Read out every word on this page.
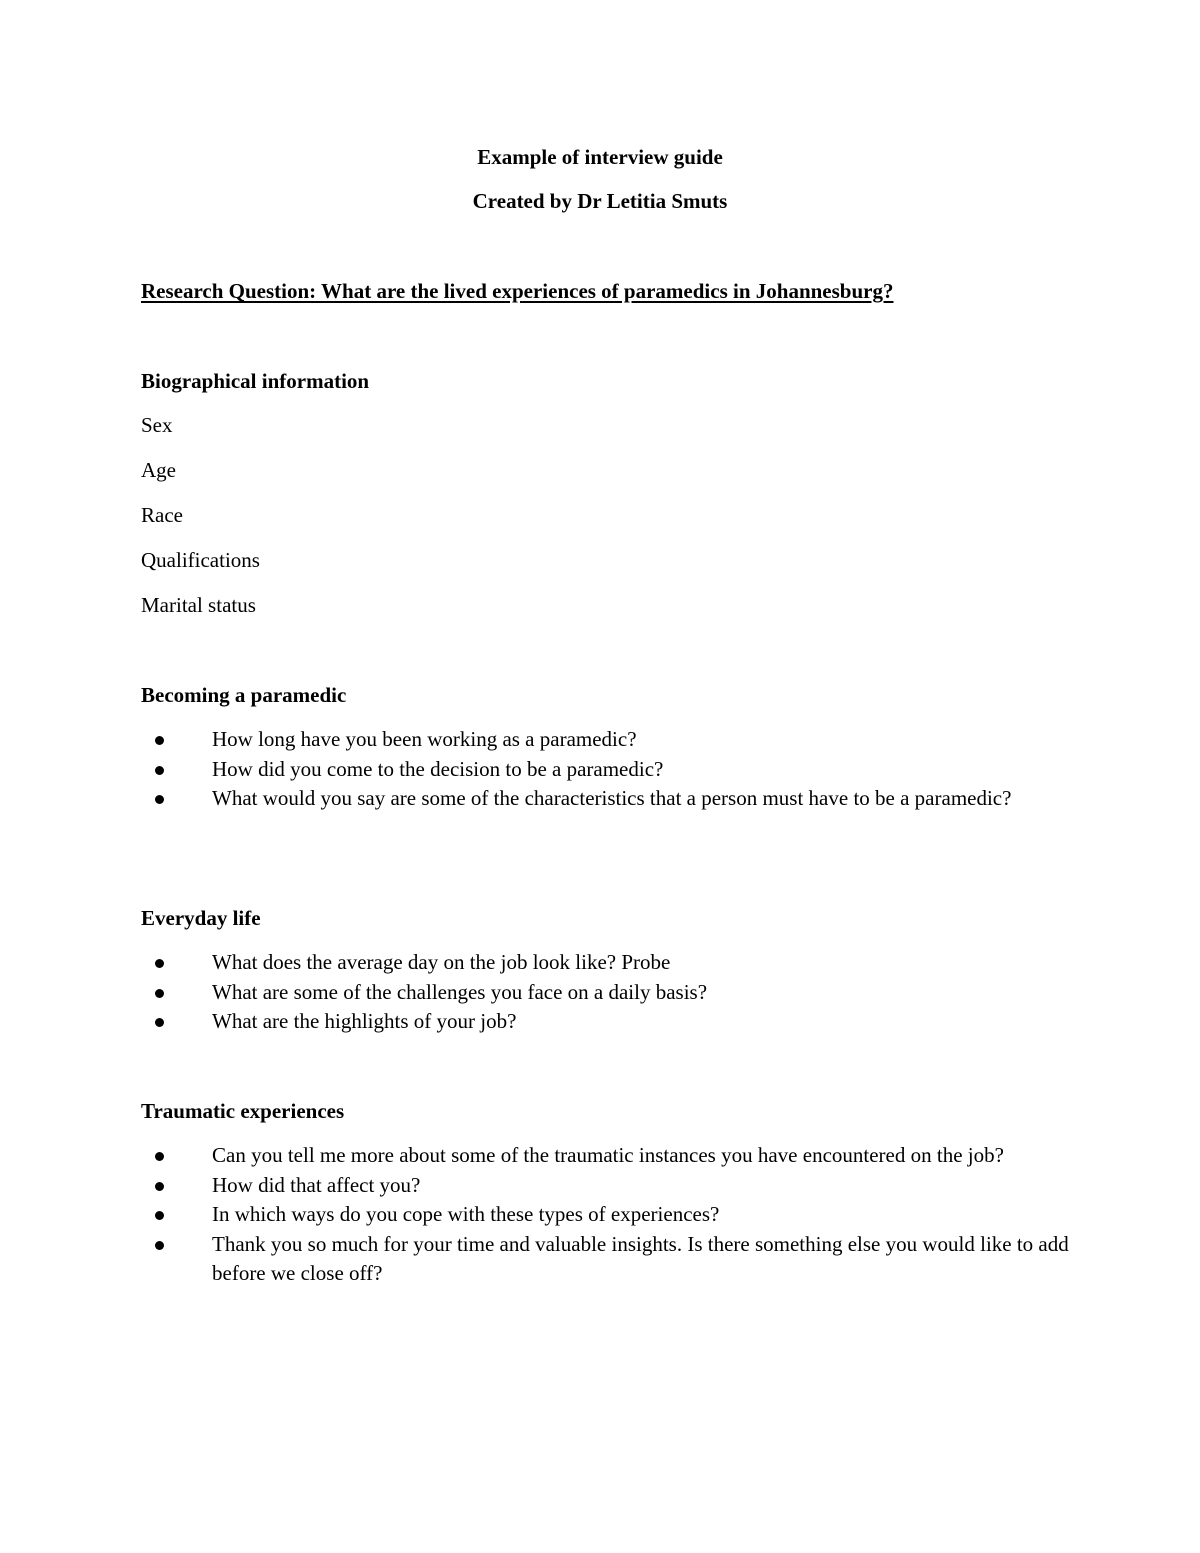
Example of interview guide
Created by Dr Letitia Smuts
Research Question: What are the lived experiences of paramedics in Johannesburg?
Biographical information
Sex
Age
Race
Qualifications
Marital status
Becoming a paramedic
How long have you been working as a paramedic?
How did you come to the decision to be a paramedic?
What would you say are some of the characteristics that a person must have to be a paramedic?
Everyday life
What does the average day on the job look like? Probe
What are some of the challenges you face on a daily basis?
What are the highlights of your job?
Traumatic experiences
Can you tell me more about some of the traumatic instances you have encountered on the job?
How did that affect you?
In which ways do you cope with these types of experiences?
Thank you so much for your time and valuable insights. Is there something else you would like to add before we close off?
